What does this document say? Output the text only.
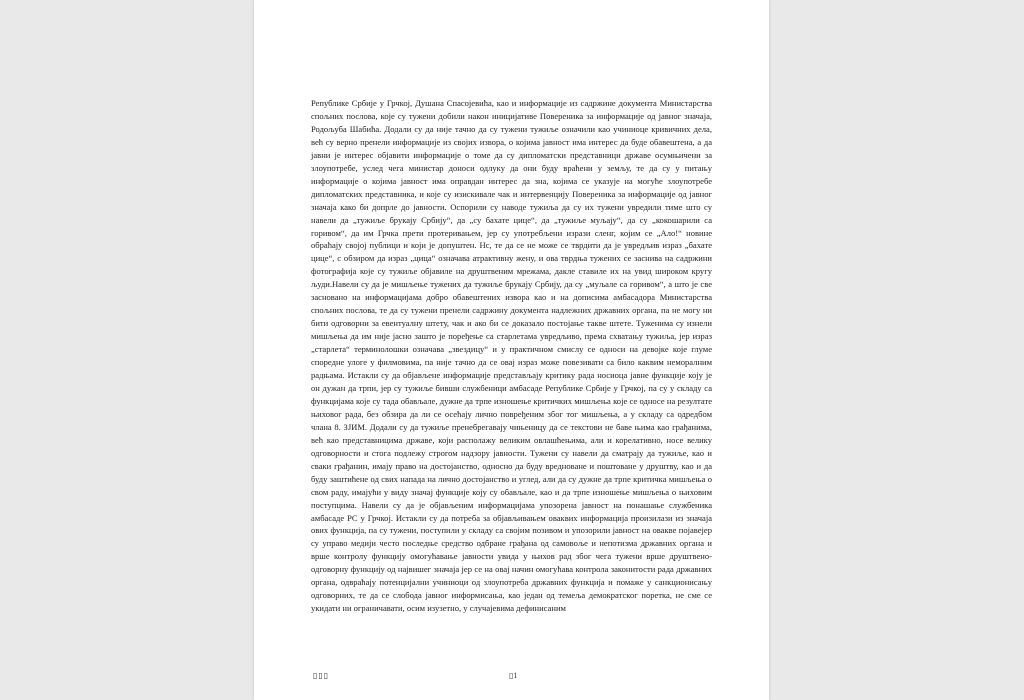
Републике Србије у Грчкој, Душана Спасојевића, као и информације из садржине документа Министарства спољних послова, које су тужени добили након иницијативе Повереника за информације од јавног значаја, Родољуба Шабића. Додали су да није тачно да су тужени тужиље означили као учиниоце кривичних дела, већ су верно пренели информације из својих извора, о којима јавност има интерес да буде обавештена, а да јавни је интерес објавити информације о томе да су дипломатски представници државе осумњичени за злоупотребе, услед чега министар доноси одлуку да они буду враћени у земљу, те да су у питању информације о којима јавност има оправдан интерес да зна, којима се указује на могуће злоупотребе дипломатских представника, и које су изискивале чак и интервенцију Повереника за информације од јавног значаја како би допрле до јавности. Оспорили су наводе тужиља да су их тужени увредили тиме што су навели да „тужиље брукају Србију“, да „су бахате цице“, да „тужиље муљају“, да су „кокошарили са горивом“, да им Грчка прети протеривањем, јер су употребљени изрази сленг, којим се „Ало!“ новине обраћају својој публици и који је допуштен. Нс, те да се не може се тврдити да је увредљив израз „бахате цице“, с обзиром да израз „цица“ означава атрактивну жену, и ова тврдња тужених се заснива на садржини фотографија које су тужиље објавиле на друштвеним мрежама, дакле ставиле их на увид широком кругу људи.Навели су да је мишљење тужених да тужиље брукају Србију, да су „муљале са горивом“, а што је све засновано на информацијама добро обавештених извора као и на дописима амбасадора Министарства спољних послова, те да су тужени пренели садржину документа надлежних државних органа, па не могу ни бити одговорни за евентуалну штету, чак и ако би се доказало постојање такве штете. Туженима су изнели мишљења да им није јасно зашто је поређење са старлетама увредљиво, према схватању тужиља, јер израз „старлета“ терминолошки означава „звездицу“ и у практичном смислу се односи на девојке које глуме споредне улоге у филмовима, па није тачно да се овај израз може повезивати са било каквим неморалним радњама. Истакли су да објављене информације представљају критику рада носиоца јавне функције коју је он дужан да трпи, јер су тужиље бивши службеници амбасаде Републике Србије у Грчкој, па су у складу са функцијама које су тада обављале, дужне да трпе изношење критичких мишљења које се односе на резултате њиховог рада, без обзира да ли се осећају лично повређеним због тог мишљења, а у складу са одредбом члана 8. ЗЈИМ. Додали су да тужиље пренебрегавају чињеницу да се текстови не баве њима као грађанима, већ као представницима државе, који располажу великим овлашћењима, али и корелативно, носе велику одговорности и стога подлежу строгом надзору јавности. Тужени су навели да сматрају да тужиље, као и сваки грађанин, имају право на достојанство, односно да буду вредноване и поштоване у друштву, као и да буду заштићене од свих напада на лично достојанство и углед, али да су дужне да трпе критичка мишљења о свом раду, имајући у виду значај функције коју су обављале, као и да трпе изношење мишљења о њиховим поступцима. Навели су да је објављеним информацијама упозорена јавност на понашање службеника амбасаде РС у Грчкој. Истакли су да потреба за објављивањем оваквих информација произилази из значаја ових функција, па су тужени, поступили у складу са својим позивом и упозорили јавност на овакве појавејер су управо медији често последње средство одбране грађана од самовоље и непотизма државних органа и врше контролу функцију омогућавање јавности увида у њихов рад због чега тужени врше друштвено-одговорну функцију од највишег значаја јер се на овај начин омогућава контрола законитости рада државних органа, одвраћају потенцијални учиниоци од злоупотреба државних функција и помаже у санкционисању одговорних, те да се слобода јавног информисања, као један од темеља демократског поретка, не сме се укидати ни ограничавати, осим изузетно, у случајевима дефинисаним

▯▯▯	▯1
